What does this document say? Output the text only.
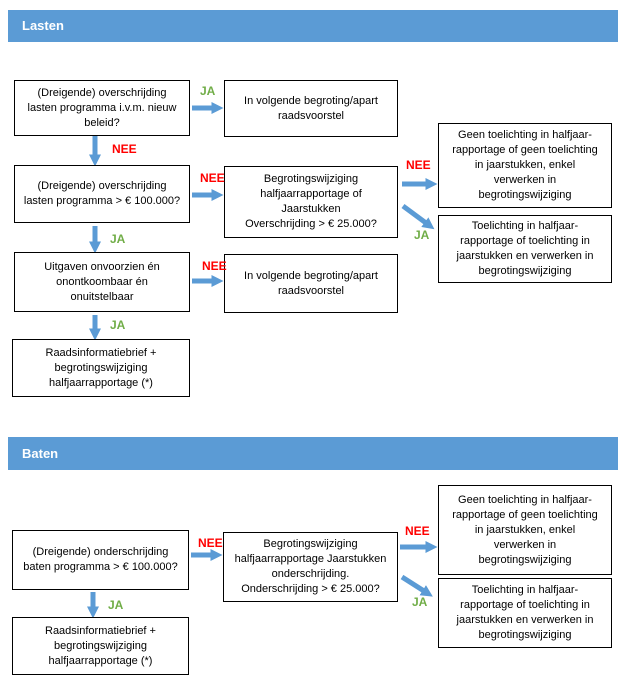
Lasten
Baten
(Dreigende) overschrijding
lasten programma i.v.m. nieuw
beleid?
In volgende begroting/apart
raadsvoorstel
(Dreigende) overschrijding
lasten programma > € 100.000?
Begrotingswijziging
halfjaarrapportage of
Jaarstukken
Overschrijding > € 25.000?
Geen toelichting in halfjaar-
rapportage of geen toelichting
in jaarstukken, enkel
verwerken in
begrotingswijziging
Toelichting in halfjaar-
rapportage of toelichting in
jaarstukken en verwerken in
begrotingswijziging
Uitgaven onvoorzien én
onontkoombaar én
onuitstelbaar
In volgende begroting/apart
raadsvoorstel
Raadsinformatiebrief +
begrotingswijziging
halfjaarrapportage (*)
JA
NEE
NEE
NEE
JA
JA
NEE
JA
(Dreigende) onderschrijding
baten programma > € 100.000?
Begrotingswijziging
halfjaarrapportage Jaarstukken
onderschrijding.
Onderschrijding > € 25.000?
Geen toelichting in halfjaar-
rapportage of geen toelichting
in jaarstukken, enkel
verwerken in
begrotingswijziging
Toelichting in halfjaar-
rapportage of toelichting in
jaarstukken en verwerken in
begrotingswijziging
Raadsinformatiebrief +
begrotingswijziging
halfjaarrapportage (*)
NEE
JA
NEE
JA
